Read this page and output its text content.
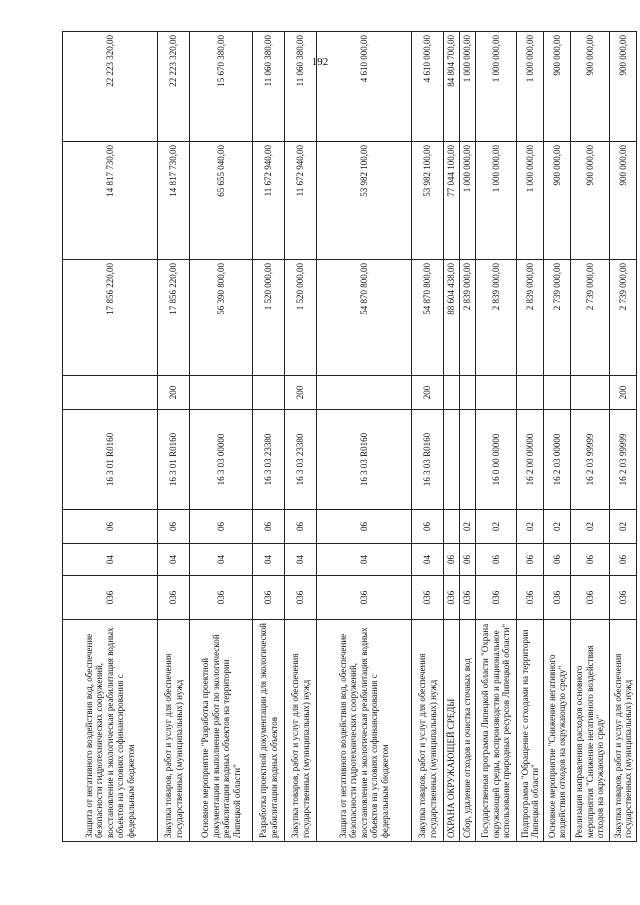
192
Защита от негативного воздействия вод, обеспечение безопасности гидротехнических сооружений, восстановление и экологическая реабилитация водных объектов на условиях софинансирования с федеральным бюджетом	036	04	06	16 3 01 R0160		17 856 220,00	14 817 730,00	22 223 320,00
Закупка товаров, работ и услуг для обеспечения государственных (муниципальных) нужд	036	04	06	16 3 01 R0160	200	17 856 220,00	14 817 730,00	22 223 320,00
Основное мероприятие "Разработка проектной документации и выполнение работ по экологической реабилитации водных объектов на территории Липецкой области"	036	04	06	16 3 03 00000		56 390 800,00	65 655 040,00	15 670 380,00
Разработка проектной документации для экологической реабилитации водных объектов	036	04	06	16 3 03 23380		1 520 000,00	11 672 940,00	11 060 380,00
Закупка товаров, работ и услуг для обеспечения государственных (муниципальных) нужд	036	04	06	16 3 03 23380	200	1 520 000,00	11 672 940,00	11 060 380,00
Защита от негативного воздействия вод, обеспечение безопасности гидротехнических сооружений, восстановление и экологическая реабилитация водных объектов на условиях софинансирования с федеральным бюджетом	036	04	06	16 3 03 R0160		54 870 800,00	53 982 100,00	4 610 000,00
Закупка товаров, работ и услуг для обеспечения государственных (муниципальных) нужд	036	04	06	16 3 03 R0160	200	54 870 800,00	53 982 100,00	4 610 000,00
ОХРАНА ОКРУЖАЮЩЕЙ СРЕДЫ	036	06				88 604 438,00	77 044 100,00	84 804 700,00
Сбор, удаление отходов и очистка сточных вод	036	06	02			2 839 000,00	1 000 000,00	1 000 000,00
Государственная программа Липецкой области "Охрана окружающей среды, воспроизводство и рациональное использование природных ресурсов Липецкой области"	036	06	02	16 0 00 00000		2 839 000,00	1 000 000,00	1 000 000,00
Подпрограмма "Обращение с отходами на территории Липецкой области"	036	06	02	16 2 00 00000		2 839 000,00	1 000 000,00	1 000 000,00
Основное мероприятие "Снижение негативного воздействия отходов на окружающую среду"	036	06	02	16 2 03 00000		2 739 000,00	900 000,00	900 000,00
Реализация направления расходов основного мероприятия "Снижение негативного воздействия отходов на окружающую среду"	036	06	02	16 2 03 99999		2 739 000,00	900 000,00	900 000,00
Закупка товаров, работ и услуг для обеспечения государственных (муниципальных) нужд	036	06	02	16 2 03 99999	200	2 739 000,00	900 000,00	900 000,00
